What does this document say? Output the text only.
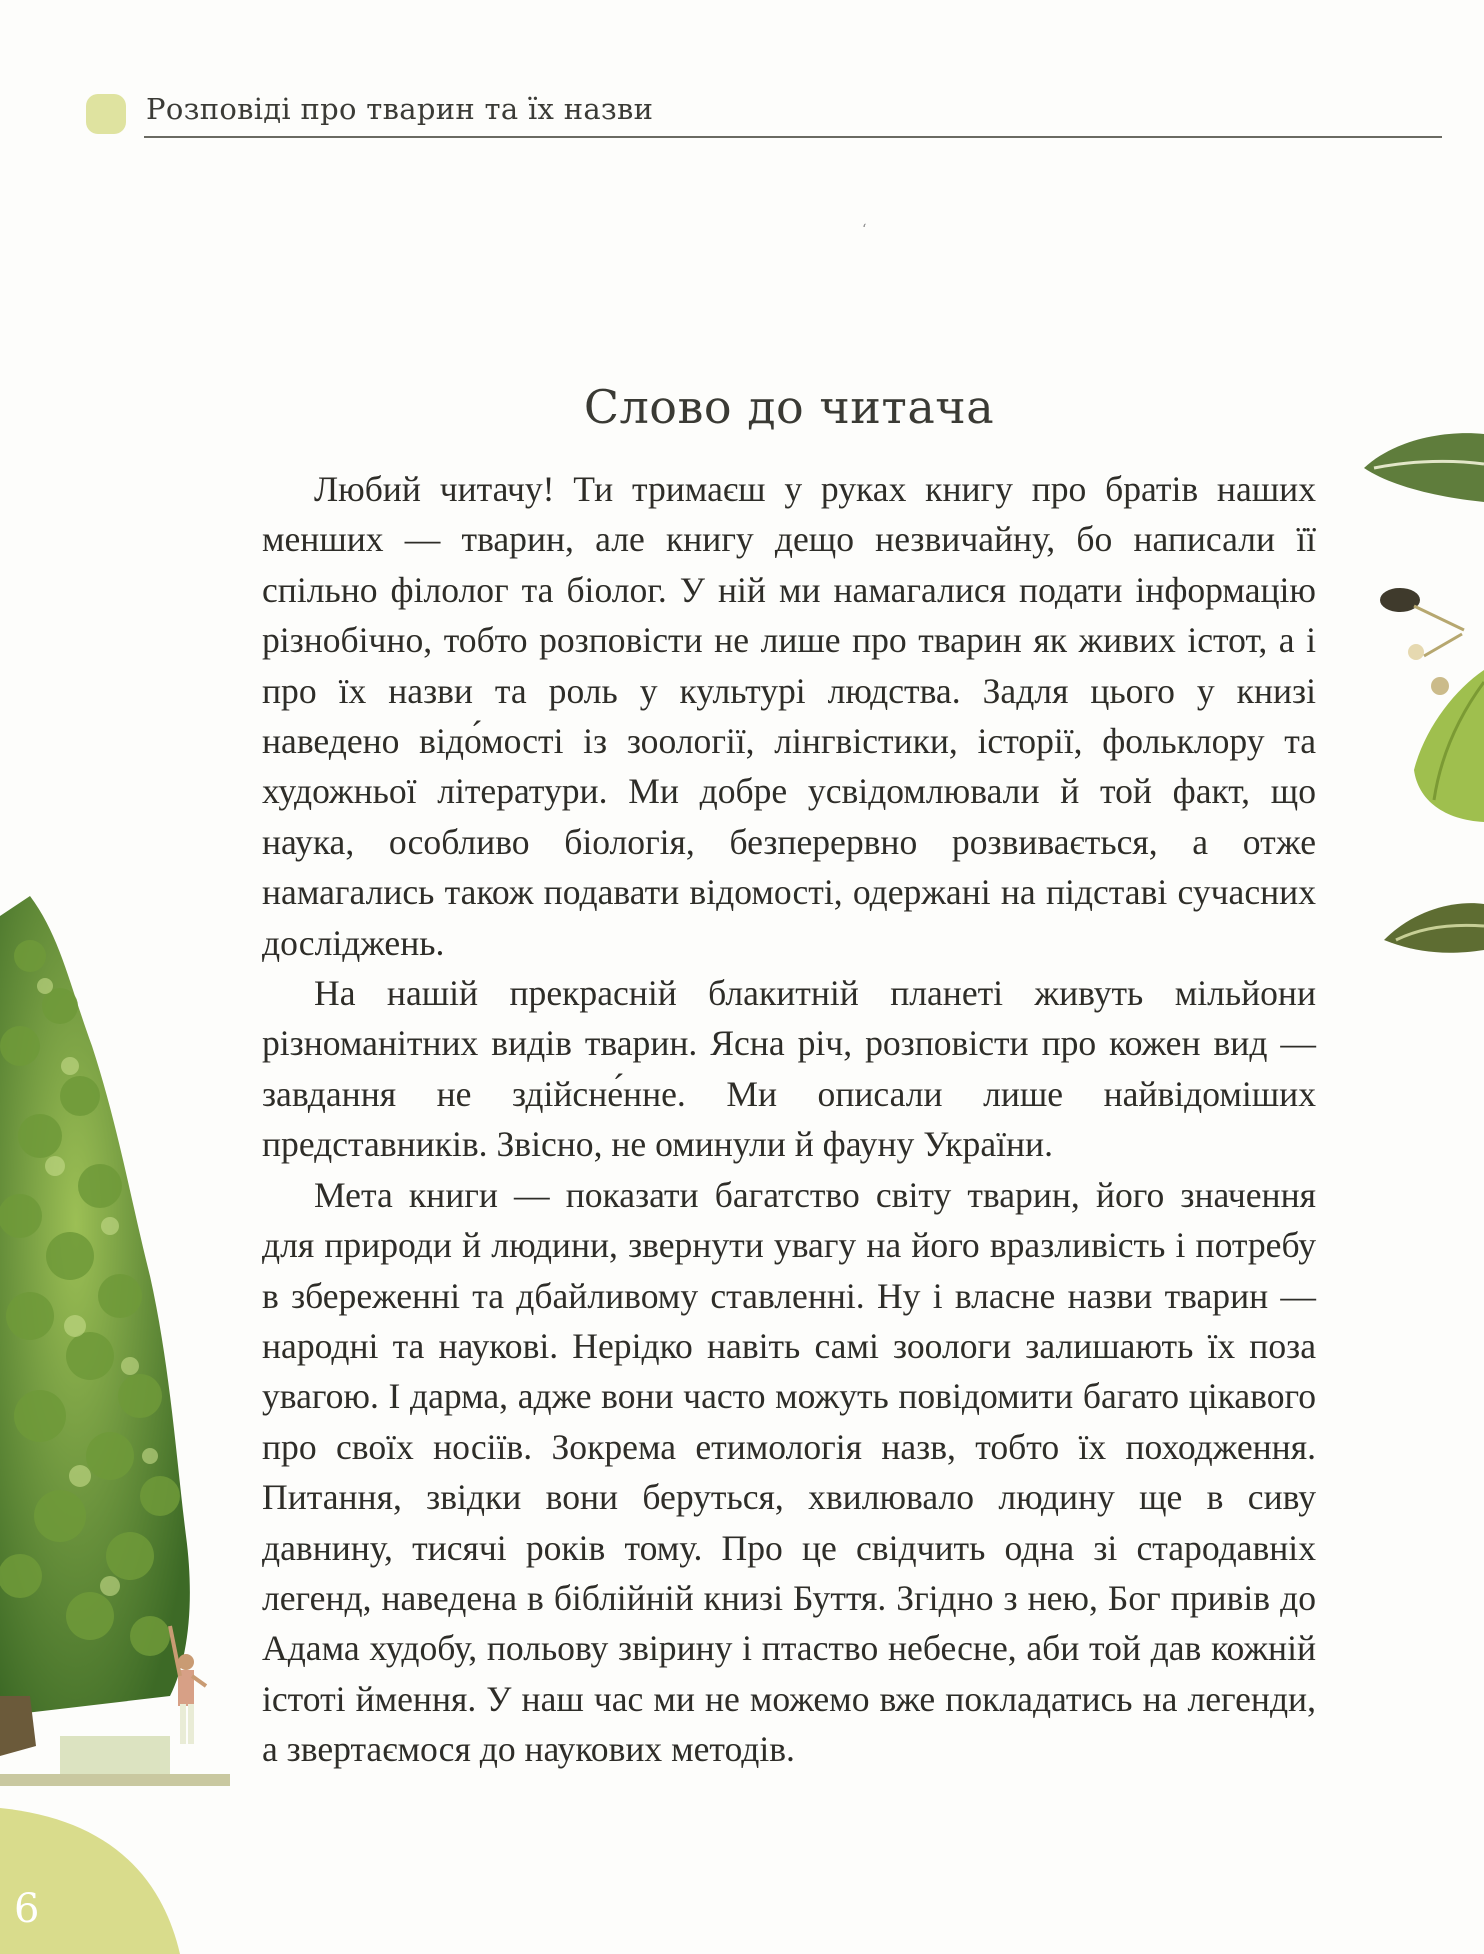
Розповіді про тварин та їх назви
ʻ
Слово до читача

Любий читачу! Ти тримаєш у руках книгу про братів наших менших — тварин, але книгу дещо незвичайну, бо написали її спільно філолог та біолог. У ній ми намагалися подати інформацію різнобічно, тобто розповісти не лише про тварин як живих істот, а і про їх назви та роль у культурі людства. Задля цього у книзі наведено відо́мості із зоології, лінгвістики, історії, фольклору та художньої літератури. Ми добре усвідомлювали й той факт, що наука, особливо біологія, безперервно розвивається, а отже намагались також подавати відомості, одержані на підставі сучасних досліджень.

На нашій прекрасній блакитній планеті живуть мільйони різноманітних видів тварин. Ясна річ, розповісти про кожен вид — завдання не здійсне́нне. Ми описали лише найвідоміших представників. Звісно, не оминули й фауну України.

Мета книги — показати багатство світу тварин, його значення для природи й людини, звернути увагу на його вразливість і потребу в збереженні та дбайливому ставленні. Ну і власне назви тварин — народні та наукові. Нерідко навіть самі зоологи залишають їх поза увагою. І дарма, адже вони часто можуть повідомити багато цікавого про своїх носіїв. Зокрема етимологія назв, тобто їх походження. Питання, звідки вони беруться, хвилювало людину ще в сиву давнину, тисячі років тому. Про це свідчить одна зі стародавніх легенд, наведена в біблійній книзі Буття. Згідно з нею, Бог привів до Адама худобу, польову звірину і птаство небесне, аби той дав кожній істоті ймення. У наш час ми не можемо вже покладатись на легенди, а звертаємося до наукових методів.

6
